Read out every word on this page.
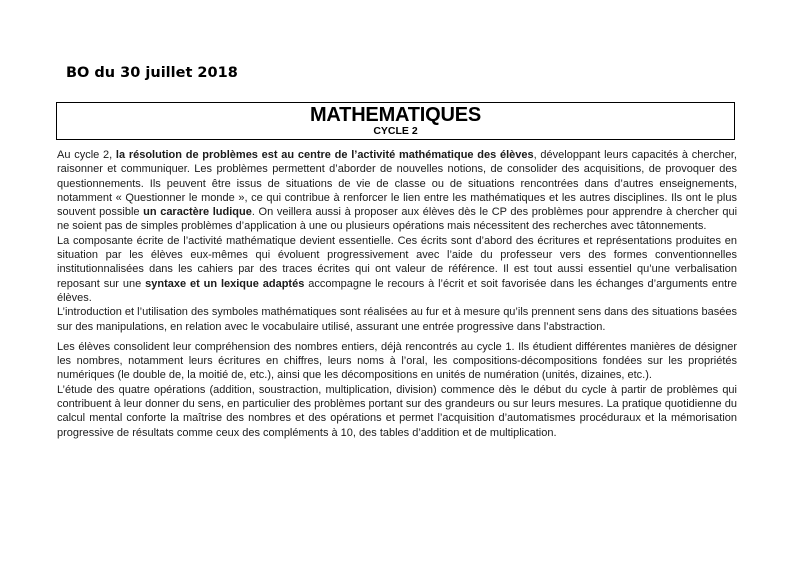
BO du 30 juillet 2018
MATHEMATIQUES
CYCLE 2

Au cycle 2, la résolution de problèmes est au centre de l’activité mathématique des élèves, développant leurs capacités à chercher, raisonner et communiquer. Les problèmes permettent d’aborder de nouvelles notions, de consolider des acquisitions, de provoquer des questionnements. Ils peuvent être issus de situations de vie de classe ou de situations rencontrées dans d’autres enseignements, notamment « Questionner le monde », ce qui contribue à renforcer le lien entre les mathématiques et les autres disciplines. Ils ont le plus souvent possible un caractère ludique. On veillera aussi à proposer aux élèves dès le CP des problèmes pour apprendre à chercher qui ne soient pas de simples problèmes d’application à une ou plusieurs opérations mais nécessitent des recherches avec tâtonnements.

La composante écrite de l’activité mathématique devient essentielle. Ces écrits sont d’abord des écritures et représentations produites en situation par les élèves eux-mêmes qui évoluent progressivement avec l’aide du professeur vers des formes conventionnelles institutionnalisées dans les cahiers par des traces écrites qui ont valeur de référence. Il est tout aussi essentiel qu’une verbalisation reposant sur une syntaxe et un lexique adaptés accompagne le recours à l’écrit et soit favorisée dans les échanges d’arguments entre élèves.

L’introduction et l’utilisation des symboles mathématiques sont réalisées au fur et à mesure qu’ils prennent sens dans des situations basées sur des manipulations, en relation avec le vocabulaire utilisé, assurant une entrée progressive dans l’abstraction.

Les élèves consolident leur compréhension des nombres entiers, déjà rencontrés au cycle 1. Ils étudient différentes manières de désigner les nombres, notamment leurs écritures en chiffres, leurs noms à l’oral, les compositions-décompositions fondées sur les propriétés numériques (le double de, la moitié de, etc.), ainsi que les décompositions en unités de numération (unités, dizaines, etc.).

L’étude des quatre opérations (addition, soustraction, multiplication, division) commence dès le début du cycle à partir de problèmes qui contribuent à leur donner du sens, en particulier des problèmes portant sur des grandeurs ou sur leurs mesures. La pratique quotidienne du calcul mental conforte la maîtrise des nombres et des opérations et permet l’acquisition d’automatismes procéduraux et la mémorisation progressive de résultats comme ceux des compléments à 10, des tables d’addition et de multiplication.
